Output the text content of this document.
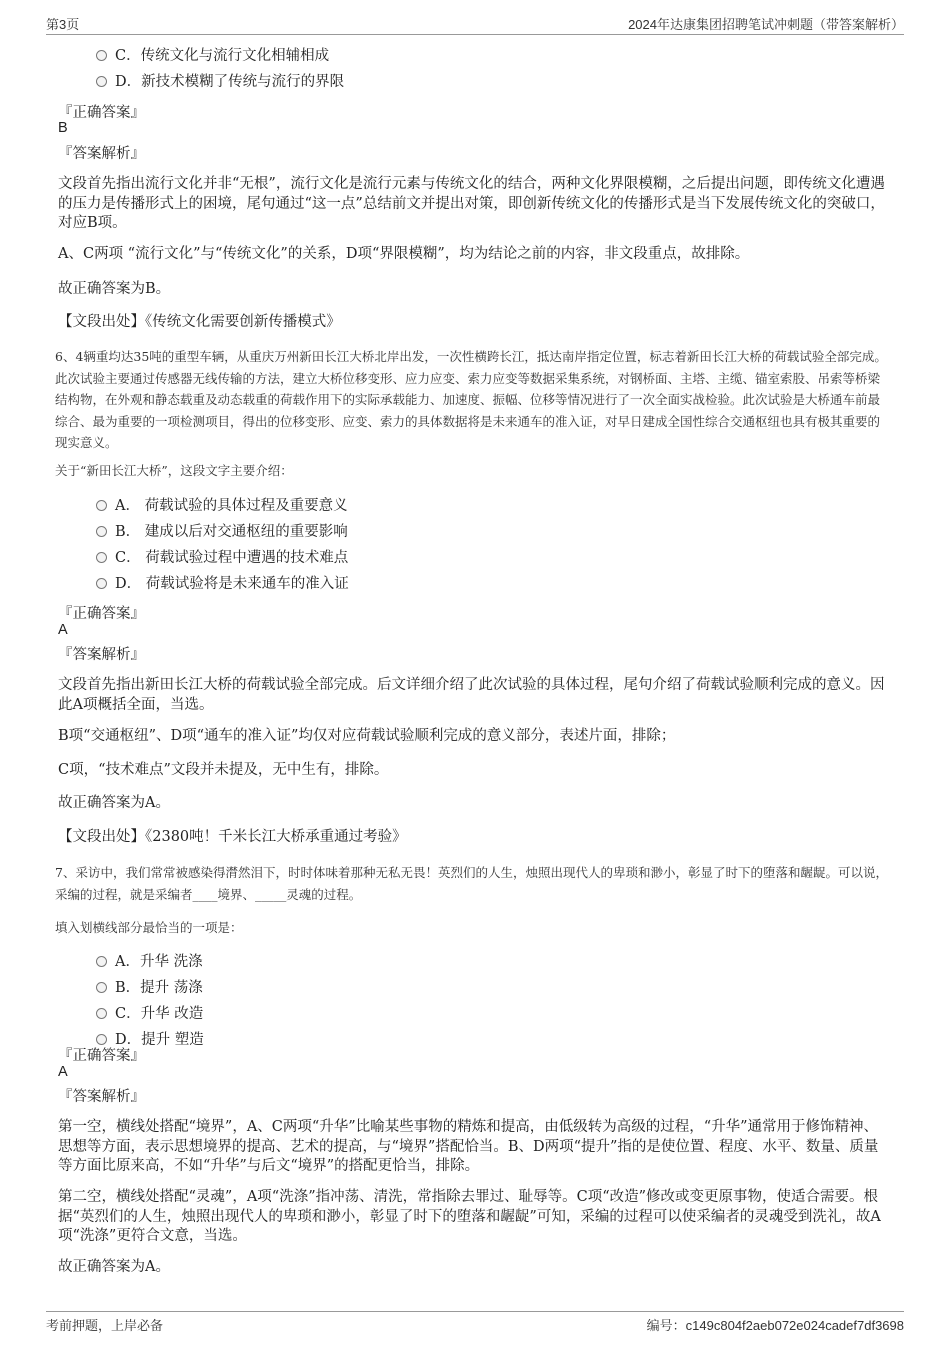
第3页	2024年达康集团招聘笔试冲刺题（带答案解析）
C．传统文化与流行文化相辅相成
D．新技术模糊了传统与流行的界限
『正确答案』
B
『答案解析』
文段首先指出流行文化并非“无根”，流行文化是流行元素与传统文化的结合，两种文化界限模糊，之后提出问题，即传统文化遭遇的压力是传播形式上的困境，尾句通过“这一点”总结前文并提出对策，即创新传统文化的传播形式是当下发展传统文化的突破口，对应B项。
A、C两项 “流行文化”与“传统文化”的关系，D项“界限模糊”，均为结论之前的内容，非文段重点，故排除。
故正确答案为B。
【文段出处】《传统文化需要创新传播模式》
6、4辆重均达35吨的重型车辆，从重庆万州新田长江大桥北岸出发，一次性横跨长江，抵达南岸指定位置，标志着新田长江大桥的荷载试验全部完成。此次试验主要通过传感器无线传输的方法，建立大桥位移变形、应力应变、索力应变等数据采集系统，对钢桥面、主塔、主缆、锚室索股、吊索等桥梁结构物，在外观和静态载重及动态载重的荷载作用下的实际承载能力、加速度、振幅、位移等情况进行了一次全面实战检验。此次试验是大桥通车前最综合、最为重要的一项检测项目，得出的位移变形、应变、索力的具体数据将是未来通车的准入证，对早日建成全国性综合交通枢纽也具有极其重要的现实意义。
关于“新田长江大桥”，这段文字主要介绍：
A． 荷载试验的具体过程及重要意义
B． 建成以后对交通枢纽的重要影响
C． 荷载试验过程中遭遇的技术难点
D． 荷载试验将是未来通车的准入证
『正确答案』
A
『答案解析』
文段首先指出新田长江大桥的荷载试验全部完成。后文详细介绍了此次试验的具体过程，尾句介绍了荷载试验顺利完成的意义。因此A项概括全面，当选。
B项“交通枢纽”、D项“通车的准入证”均仅对应荷载试验顺利完成的意义部分，表述片面，排除；
C项，“技术难点”文段并未提及，无中生有，排除。
故正确答案为A。
【文段出处】《2380吨！千米长江大桥承重通过考验》
7、采访中，我们常常被感染得潸然泪下，时时体味着那种无私无畏！英烈们的人生，烛照出现代人的卑琐和渺小，彰显了时下的堕落和龌龊。可以说，采编的过程，就是采编者____境界、_____灵魂的过程。
填入划横线部分最恰当的一项是：
A．升华 洗涤
B．提升 荡涤
C．升华 改造
D．提升 塑造
『正确答案』
A
『答案解析』
第一空，横线处搭配“境界”，A、C两项“升华”比喻某些事物的精炼和提高，由低级转为高级的过程，“升华”通常用于修饰精神、思想等方面，表示思想境界的提高、艺术的提高，与“境界”搭配恰当。B、D两项“提升”指的是使位置、程度、水平、数量、质量等方面比原来高，不如“升华”与后文“境界”的搭配更恰当，排除。
第二空，横线处搭配“灵魂”，A项“洗涤”指冲荡、清洗，常指除去罪过、耻辱等。C项“改造”修改或变更原事物，使适合需要。根据“英烈们的人生，烛照出现代人的卑琐和渺小，彰显了时下的堕落和龌龊”可知，采编的过程可以使采编者的灵魂受到洗礼，故A项“洗涤”更符合文意，当选。
故正确答案为A。
考前押题，上岸必备	编号：c149c804f2aeb072e024cadef7df3698
